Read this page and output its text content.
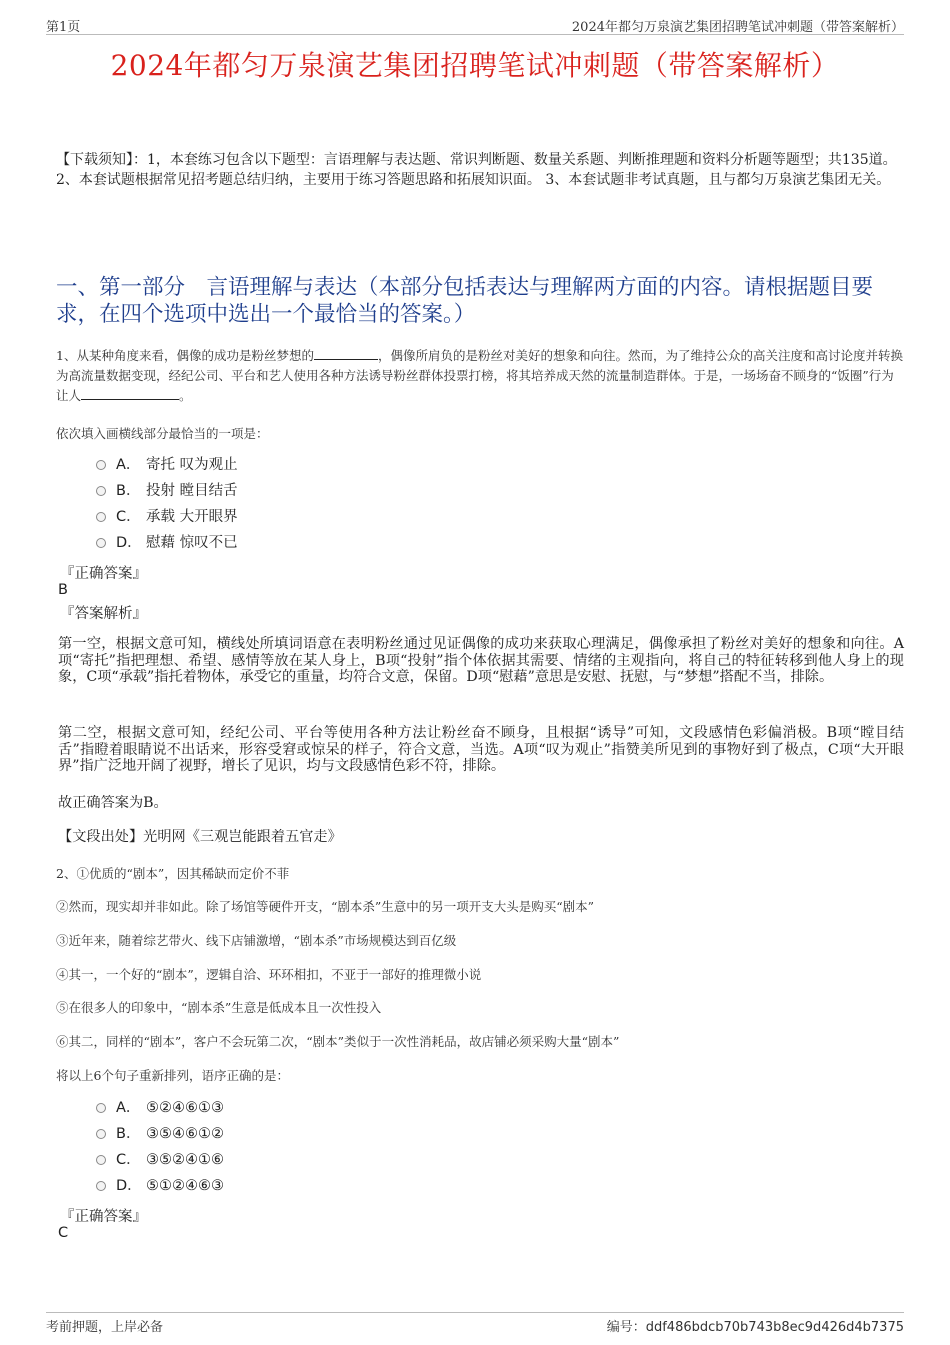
第1页	2024年都匀万泉演艺集团招聘笔试冲刺题（带答案解析）
2024年都匀万泉演艺集团招聘笔试冲刺题（带答案解析）
【下载须知】：1，本套练习包含以下题型：言语理解与表达题、常识判断题、数量关系题、判断推理题和资料分析题等题型；共135道。 2、本套试题根据常见招考题总结归纳，主要用于练习答题思路和拓展知识面。 3、本套试题非考试真题，且与都匀万泉演艺集团无关。
一、第一部分　言语理解与表达（本部分包括表达与理解两方面的内容。请根据题目要求，在四个选项中选出一个最恰当的答案。）
1、从某种角度来看，偶像的成功是粉丝梦想的	，偶像所肩负的是粉丝对美好的想象和向往。然而，为了维持公众的高关注度和高讨论度并转换为高流量数据变现，经纪公司、平台和艺人使用各种方法诱导粉丝群体投票打榜，将其培养成天然的流量制造群体。于是，一场场奋不顾身的“饭圈”行为让人	。
依次填入画横线部分最恰当的一项是：
A． 寄托 叹为观止
B． 投射 瞠目结舌
C． 承载 大开眼界
D． 慰藉 惊叹不已
『正确答案』
B
『答案解析』
第一空，根据文意可知，横线处所填词语意在表明粉丝通过见证偶像的成功来获取心理满足，偶像承担了粉丝对美好的想象和向往。A项“寄托”指把理想、希望、感情等放在某人身上，B项“投射”指个体依据其需要、情绪的主观指向，将自己的特征转移到他人身上的现象，C项“承载”指托着物体，承受它的重量，均符合文意，保留。D项“慰藉”意思是安慰、抚慰，与“梦想”搭配不当，排除。
第二空，根据文意可知，经纪公司、平台等使用各种方法让粉丝奋不顾身，且根据“诱导”可知，文段感情色彩偏消极。B项“瞠目结舌”指瞪着眼睛说不出话来，形容受窘或惊呆的样子，符合文意，当选。A项“叹为观止”指赞美所见到的事物好到了极点，C项“大开眼界”指广泛地开阔了视野，增长了见识，均与文段感情色彩不符，排除。
故正确答案为B。
【文段出处】光明网《三观岂能跟着五官走》
2、①优质的“剧本”，因其稀缺而定价不菲
②然而，现实却并非如此。除了场馆等硬件开支，“剧本杀”生意中的另一项开支大头是购买“剧本”
③近年来，随着综艺带火、线下店铺激增，“剧本杀”市场规模达到百亿级
④其一，一个好的“剧本”，逻辑自洽、环环相扣，不亚于一部好的推理微小说
⑤在很多人的印象中，“剧本杀”生意是低成本且一次性投入
⑥其二，同样的“剧本”，客户不会玩第二次，“剧本”类似于一次性消耗品，故店铺必须采购大量“剧本”
将以上6个句子重新排列，语序正确的是：
A． ⑤②④⑥①③
B． ③⑤④⑥①②
C． ③⑤②④①⑥
D． ⑤①②④⑥③
『正确答案』
C
考前押题，上岸必备	编号：ddf486bdcb70b743b8ec9d426d4b7375
